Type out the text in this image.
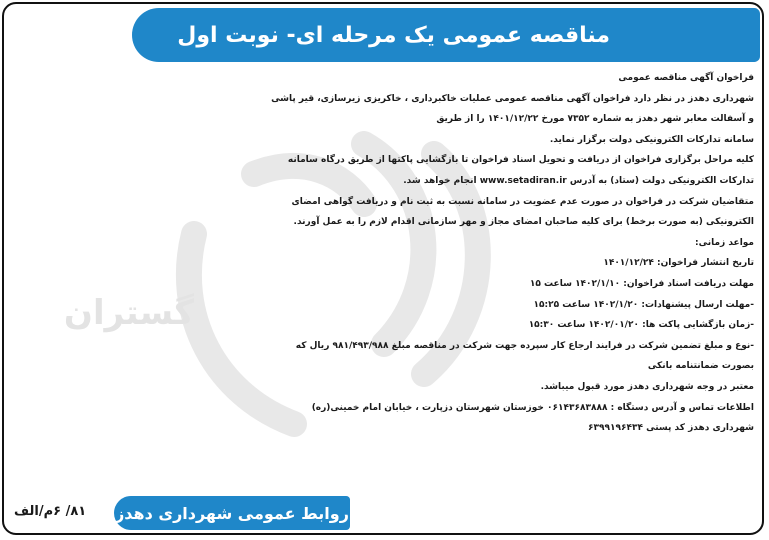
مناقصه عمومی یک مرحله ای- نوبت اول
گستران

فراخوان آگهی مناقصه عمومی

شهرداری دهدز در نظر دارد فراخوان آگهی مناقصه عمومی عملیات خاکبرداری ، خاکریزی زیرسازی، قیر پاشی

و آسفالت معابر شهر دهدز به شماره ۷۳۵۲ مورخ ۱۴۰۱/۱۲/۲۲ را از طریق

سامانه تدارکات الکترونیکی دولت برگزار نماید.

کلیه مراحل برگزاری فراخوان از دریافت و تحویل اسناد فراخوان تا بازگشایی پاکتها از طریق درگاه سامانه

تدارکات الکترونیکی دولت (ستاد) به آدرس www.setadiran.ir انجام خواهد شد.

متقاضیان شرکت در فراخوان در صورت عدم عضویت در سامانه نسبت به ثبت نام و دریافت گواهی امضای

الکترونیکی (به صورت برخط) برای کلیه صاحبان امضای مجاز و مهر سازمانی اقدام لازم را به عمل آورند.

مواعد زمانی:

تاریخ انتشار فراخوان: ۱۴۰۱/۱۲/۲۴

مهلت دریافت اسناد فراخوان: ۱۴۰۲/۱/۱۰ ساعت ۱۵

-مهلت ارسال پیشنهادات: ۱۴۰۲/۱/۲۰ ساعت ۱۵:۲۵

-زمان بازگشایی پاکت ها: ۱۴۰۲/۰۱/۲۰ ساعت ۱۵:۳۰

-نوع و مبلغ تضمین شرکت در فرایند ارجاع کار سپرده جهت شرکت در مناقصه مبلغ ۹۸۱/۴۹۳/۹۸۸ ریال که

بصورت ضمانتنامه بانکی

معتبر در وجه شهرداری دهدز مورد قبول میباشد.

اطلاعات تماس و آدرس دستگاه : ۰۶۱۴۳۶۸۳۸۸۸ خوزستان شهرستان دزپارت ، خیابان امام خمینی(ره)

شهرداری دهدز کد پستی ۶۳۹۹۱۹۶۴۳۴

روابط عمومی شهرداری دهدز
۸۱/ ۶م/الف
